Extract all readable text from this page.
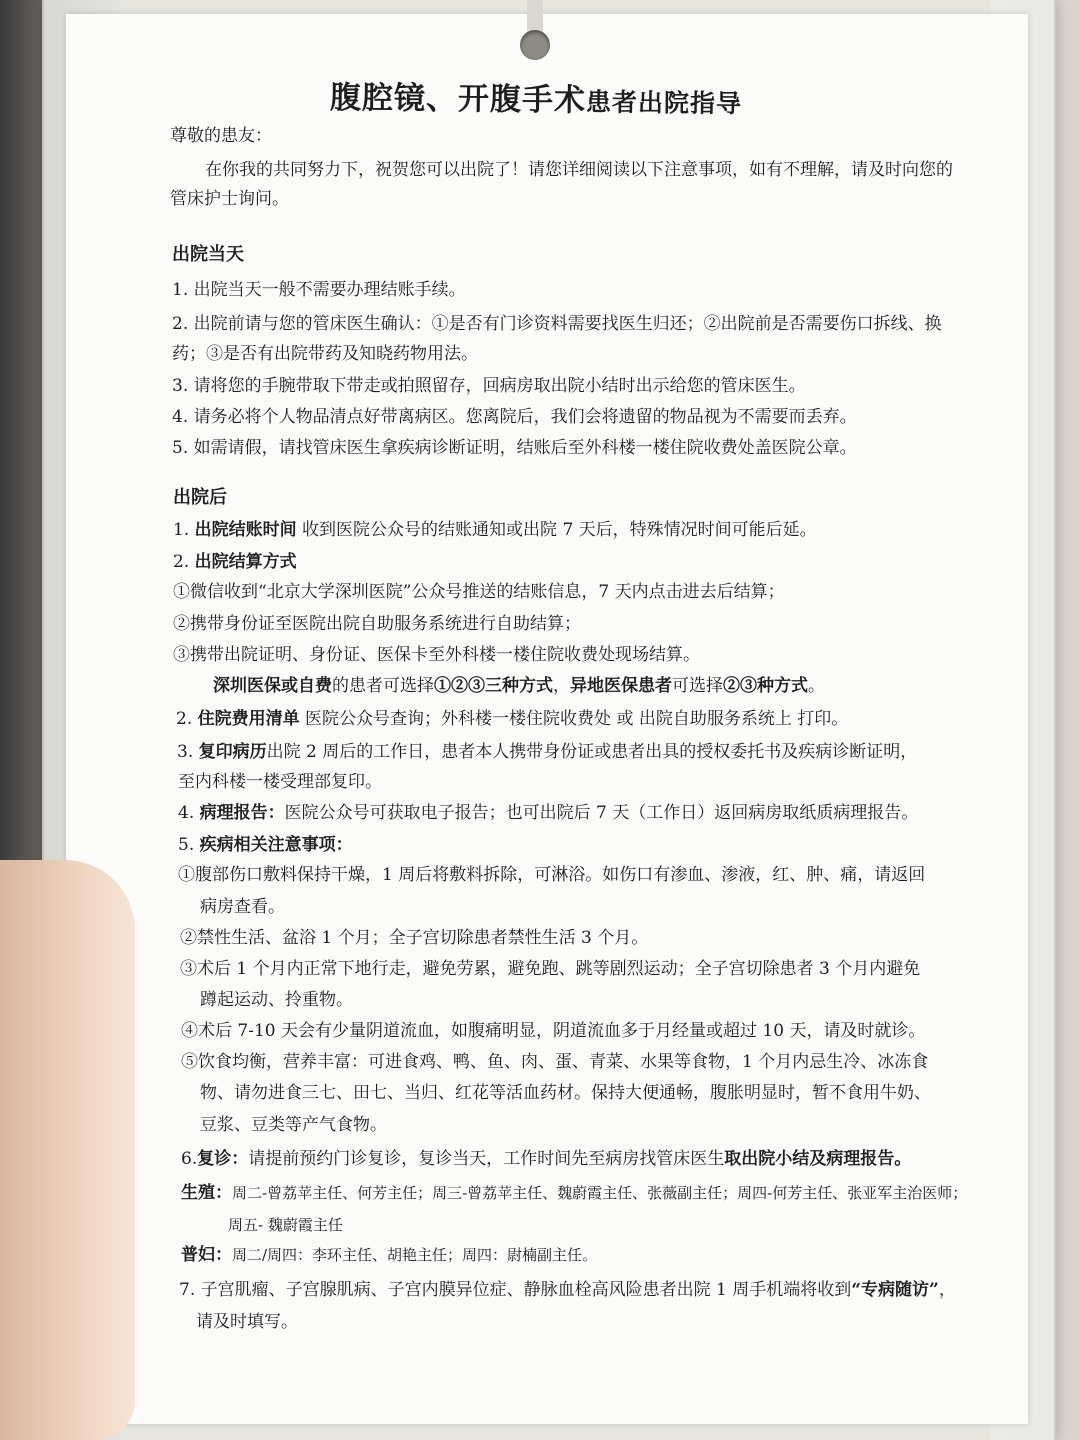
腹腔镜、开腹手术患者出院指导
尊敬的患友：
在你我的共同努力下，祝贺您可以出院了！请您详细阅读以下注意事项，如有不理解，请及时向您的
管床护士询问。
出院当天
1. 出院当天一般不需要办理结账手续。
2. 出院前请与您的管床医生确认：①是否有门诊资料需要找医生归还；②出院前是否需要伤口拆线、换
药；③是否有出院带药及知晓药物用法。
3. 请将您的手腕带取下带走或拍照留存，回病房取出院小结时出示给您的管床医生。
4. 请务必将个人物品清点好带离病区。您离院后，我们会将遗留的物品视为不需要而丢弃。
5. 如需请假，请找管床医生拿疾病诊断证明，结账后至外科楼一楼住院收费处盖医院公章。
出院后
1. 出院结账时间 收到医院公众号的结账通知或出院 7 天后，特殊情况时间可能后延。
2. 出院结算方式
①微信收到“北京大学深圳医院”公众号推送的结账信息，7 天内点击进去后结算；
②携带身份证至医院出院自助服务系统进行自助结算；
③携带出院证明、身份证、医保卡至外科楼一楼住院收费处现场结算。
深圳医保或自费的患者可选择①②③三种方式，异地医保患者可选择②③种方式。
2. 住院费用清单 医院公众号查询；外科楼一楼住院收费处 或 出院自助服务系统上 打印。
3. 复印病历出院 2 周后的工作日，患者本人携带身份证或患者出具的授权委托书及疾病诊断证明，
至内科楼一楼受理部复印。
4. 病理报告：医院公众号可获取电子报告；也可出院后 7 天（工作日）返回病房取纸质病理报告。
5. 疾病相关注意事项：
①腹部伤口敷料保持干燥，1 周后将敷料拆除，可淋浴。如伤口有渗血、渗液，红、肿、痛，请返回
病房查看。
②禁性生活、盆浴 1 个月；全子宫切除患者禁性生活 3 个月。
③术后 1 个月内正常下地行走，避免劳累，避免跑、跳等剧烈运动；全子宫切除患者 3 个月内避免
蹲起运动、拎重物。
④术后 7-10 天会有少量阴道流血，如腹痛明显，阴道流血多于月经量或超过 10 天，请及时就诊。
⑤饮食均衡，营养丰富：可进食鸡、鸭、鱼、肉、蛋、青菜、水果等食物，1 个月内忌生冷、冰冻食
物、请勿进食三七、田七、当归、红花等活血药材。保持大便通畅，腹胀明显时，暂不食用牛奶、
豆浆、豆类等产气食物。
6.复诊：请提前预约门诊复诊，复诊当天，工作时间先至病房找管床医生取出院小结及病理报告。
生殖：周二-曾荔苹主任、何芳主任；周三-曾荔苹主任、魏蔚霞主任、张薇副主任；周四-何芳主任、张亚军主治医师；
周五- 魏蔚霞主任
普妇：周二/周四：李环主任、胡艳主任；周四：尉楠副主任。
7. 子宫肌瘤、子宫腺肌病、子宫内膜异位症、静脉血栓高风险患者出院 1 周手机端将收到“专病随访”，
请及时填写。
